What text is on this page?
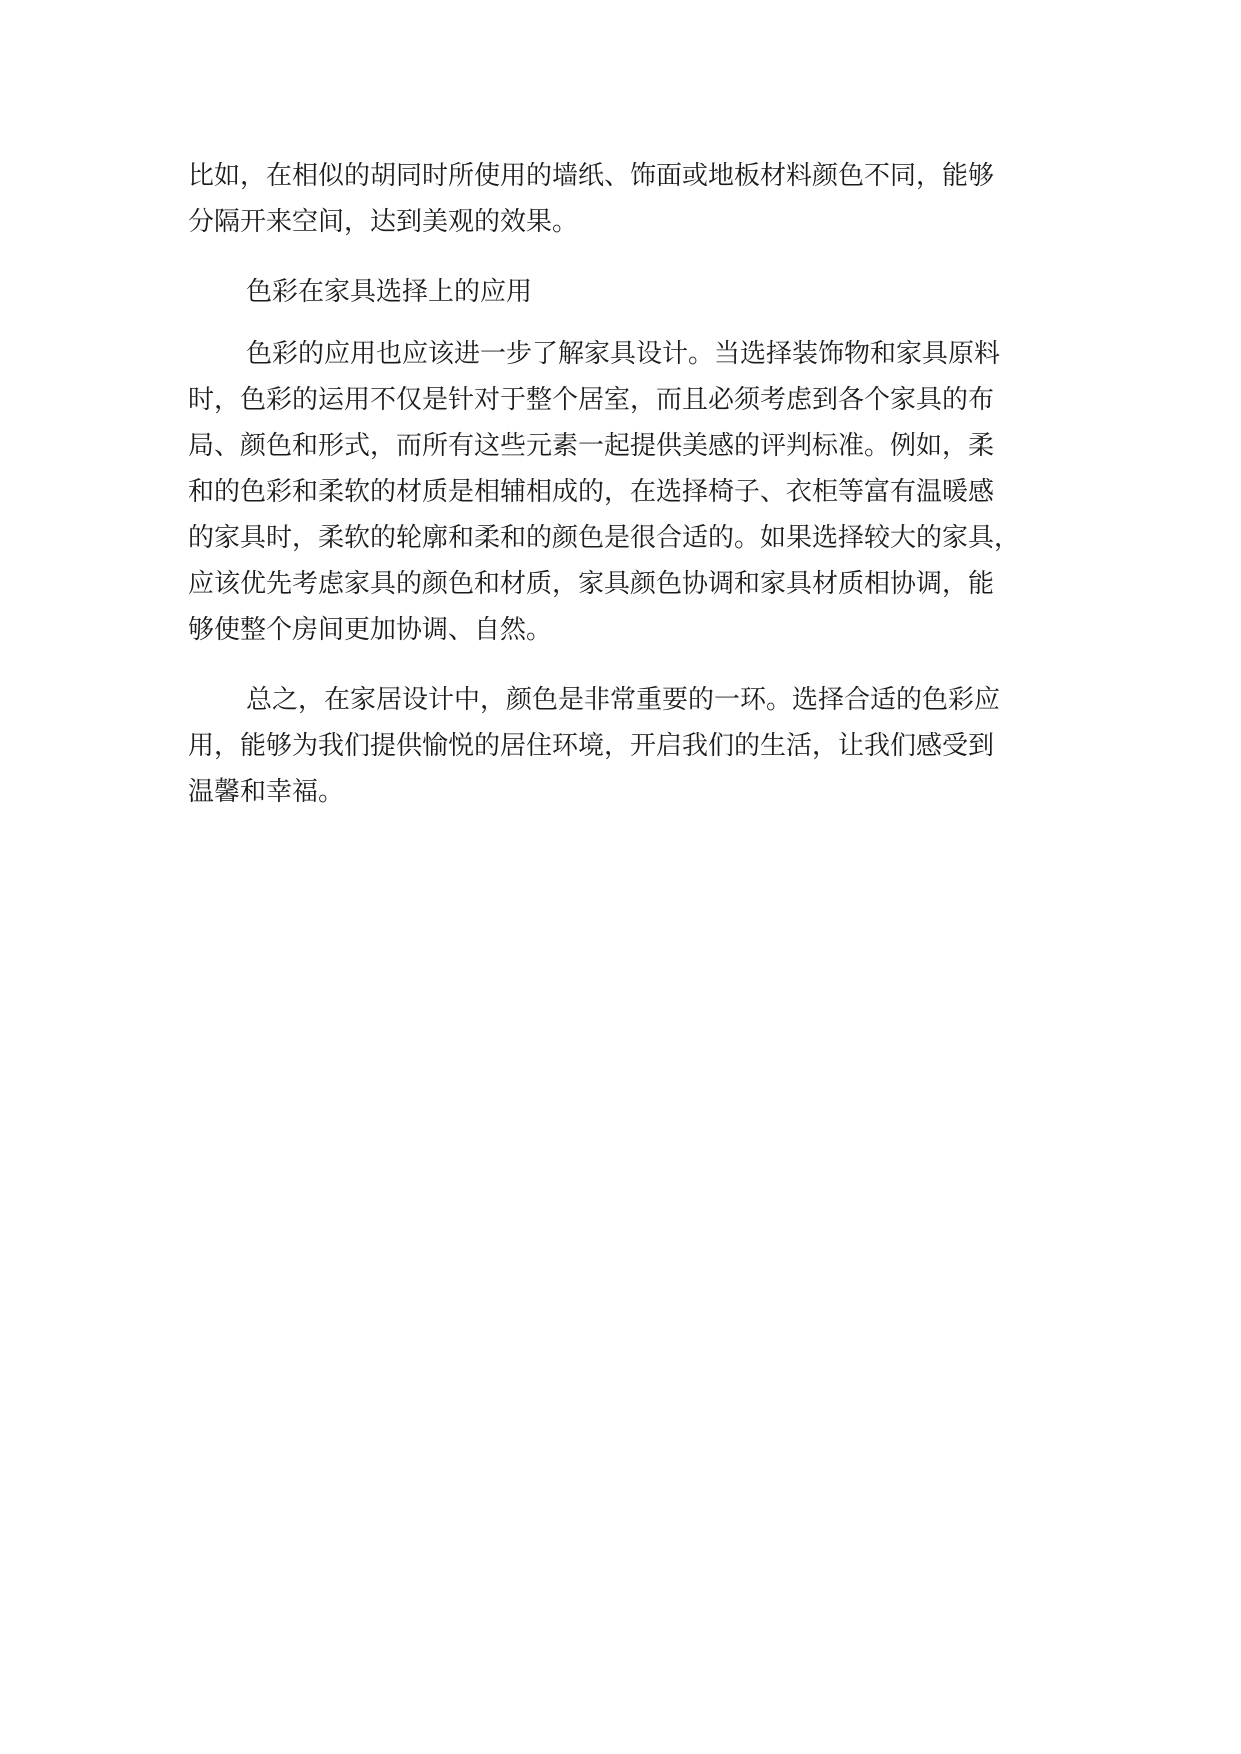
比如，在相似的胡同时所使用的墙纸、饰面或地板材料颜色不同，能够

分隔开来空间，达到美观的效果。

色彩在家具选择上的应用

色彩的应用也应该进一步了解家具设计。当选择装饰物和家具原料

时，色彩的运用不仅是针对于整个居室，而且必须考虑到各个家具的布

局、颜色和形式，而所有这些元素一起提供美感的评判标准。例如，柔

和的色彩和柔软的材质是相辅相成的，在选择椅子、衣柜等富有温暖感

的家具时，柔软的轮廓和柔和的颜色是很合适的。如果选择较大的家具，

应该优先考虑家具的颜色和材质，家具颜色协调和家具材质相协调，能

够使整个房间更加协调、自然。

总之，在家居设计中，颜色是非常重要的一环。选择合适的色彩应

用，能够为我们提供愉悦的居住环境，开启我们的生活，让我们感受到

温馨和幸福。
